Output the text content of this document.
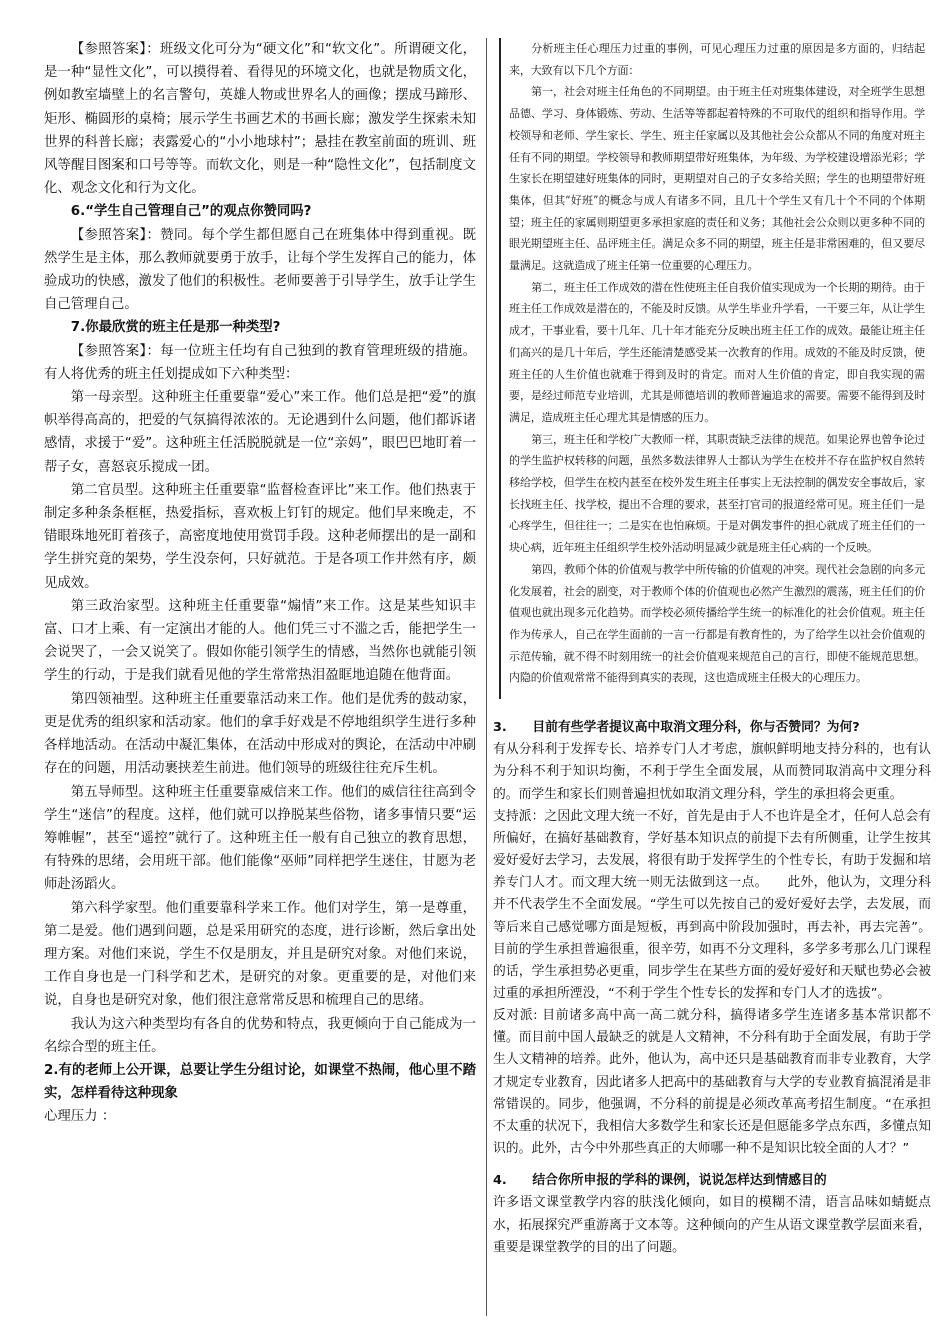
【参照答案】：班级文化可分为“硬文化”和“软文化”。所谓硬文化，是一种“显性文化”，可以摸得着、看得见的环境文化，也就是物质文化，例如教室墙壁上的名言警句，英雄人物或世界名人的画像；摆成马蹄形、矩形、椭圆形的桌椅；展示学生书画艺术的书画长廊；激发学生探索未知世界的科普长廊；表露爱心的“小小地球村”；悬挂在教室前面的班训、班风等醒目图案和口号等等。而软文化，则是一种“隐性文化”，包括制度文化、观念文化和行为文化。

6.“学生自己管理自己”的观点你赞同吗?

【参照答案】：赞同。每个学生都但愿自己在班集体中得到重视。既然学生是主体，那么教师就要勇于放手，让每个学生发挥自己的能力，体验成功的快感，激发了他们的积极性。老师要善于引导学生，放手让学生自己管理自己。

7.你最欣赏的班主任是那一种类型?

【参照答案】：每一位班主任均有自己独到的教育管理班级的措施。有人将优秀的班主任划提成如下六种类型：

第一母亲型。这种班主任重要靠“爱心”来工作。他们总是把“爱”的旗帜举得高高的，把爱的气氛搞得浓浓的。无论遇到什么问题，他们都诉诸感情，求援于“爱”。这种班主任活脱脱就是一位“亲妈”，眼巴巴地盯着一帮子女，喜怒哀乐搅成一团。

第二官员型。这种班主任重要靠“监督检查评比”来工作。他们热衷于制定多种条条框框，热爱指标，喜欢板上钉钉的规定。他们早来晚走，不错眼珠地死盯着孩子，高密度地使用赏罚手段。这种老师摆出的是一副和学生拼究竟的架势，学生没奈何，只好就范。于是各项工作井然有序，颇见成效。

第三政治家型。这种班主任重要靠“煽情”来工作。这是某些知识丰富、口才上乘、有一定演出才能的人。他们凭三寸不滥之舌，能把学生一会说哭了，一会又说笑了。假如你能引领学生的情感，当然你也就能引领学生的行动，于是我们就看见他的学生常常热泪盈眶地追随在他背面。

第四领袖型。这种班主任重要靠活动来工作。他们是优秀的鼓动家，更是优秀的组织家和活动家。他们的拿手好戏是不停地组织学生进行多种各样地活动。在活动中凝汇集体，在活动中形成对的舆论，在活动中冲刷存在的问题，用活动裹挟差生前进。他们领导的班级往往充斥生机。

第五导师型。这种班主任重要靠威信来工作。他们的威信往往高到令学生“迷信”的程度。这样，他们就可以挣脱某些俗物，诸多事情只要“运筹帷幄”，甚至“遥控”就行了。这种班主任一般有自己独立的教育思想，有特殊的思绪，会用班干部。他们能像“巫师”同样把学生迷住，甘愿为老师赴汤蹈火。

第六科学家型。他们重要靠科学来工作。他们对学生，第一是尊重，第二是爱。他们遇到问题，总是采用研究的态度，进行诊断，然后拿出处理方案。对他们来说，学生不仅是朋友，并且是研究对象。对他们来说，工作自身也是一门科学和艺术，是研究的对象。更重要的是，对他们来说，自身也是研究对象，他们很注意常常反思和梳理自己的思绪。

我认为这六种类型均有各自的优势和特点，我更倾向于自己能成为一名综合型的班主任。

2.有的老师上公开课，总要让学生分组讨论，如课堂不热闹，他心里不踏实，怎样看待这种现象

心理压力 ：

分析班主任心理压力过重的事例，可见心理压力过重的原因是多方面的，归结起来，大致有以下几个方面：

第一，社会对班主任角色的不同期望。由于班主任对班集体建设，对全班学生思想品德、学习、身体锻炼、劳动、生活等等都起着特殊的不可取代的组织和指导作用。学校领导和老师、学生家长、学生、班主任家属以及其他社会公众都从不同的角度对班主任有不同的期望。学校领导和教师期望带好班集体，为年级、为学校建设增添光彩；学生家长在期望建好班集体的同时，更期望对自己的子女多给关照；学生的也期望带好班集体，但其“好班”的概念与成人有诸多不同，且几十个学生又有几十个不同的个体期望；班主任的家属则期望更多承担家庭的责任和义务；其他社会公众则以更多种不同的眼光期望班主任、品评班主任。满足众多不同的期望，班主任是非常困难的，但又要尽量满足。这就造成了班主任第一位重要的心理压力。

第二，班主任工作成效的潜在性使班主任自我价值实现成为一个长期的期待。由于班主任工作成效是潜在的，不能及时反馈。从学生毕业升学看，一干要三年，从让学生成才，干事业看，要十几年、几十年才能充分反映出班主任工作的成效。最能让班主任们高兴的是几十年后，学生还能清楚感受某一次教育的作用。成效的不能及时反馈，使班主任的人生价值也就难于得到及时的肯定。而对人生价值的肯定，即自我实现的需要，是经过师范专业培训，尤其是师德培训的教师普遍追求的需要。需要不能得到及时满足，造成班主任心理尤其是情感的压力。

第三，班主任和学校广大教师一样，其职责缺乏法律的规范。如果论界也曾争论过的学生监护权转移的问题，虽然多数法律界人士都认为学生在校并不存在监护权自然转移给学校，但学生在校内甚至在校外发生班主任事实上无法控制的偶发安全事故后，家长找班主任、找学校，提出不合理的要求，甚至打官司的报道经常可见。班主任们一是心疼学生，但往往一；二是实在也怕麻烦。于是对偶发事件的担心就成了班主任们的一块心病，近年班主任组织学生校外活动明显减少就是班主任心病的一个反映。

第四，教师个体的价值观与教学中所传输的价值观的冲突。现代社会急剧的向多元化发展着，社会的剧变，对于教师个体的价值观也必然产生激烈的震荡，班主任们的价值观也就出现多元化趋势。而学校必须传播给学生统一的标准化的社会价值观。班主任作为传承人，自己在学生面前的一言一行都是有教育性的，为了给学生以社会价值观的示范传输，就不得不时刻用统一的社会价值观来规范自己的言行，即使不能规范思想。内隐的价值观常常不能得到真实的表现，这也造成班主任极大的心理压力。

3.　　目前有些学者提议高中取消文理分科，你与否赞同？为何?

有从分科利于发挥专长、培养专门人才考虑，旗帜鲜明地支持分科的，也有认为分科不利于知识均衡，不利于学生全面发展，从而赞同取消高中文理分科的。而学生和家长们则普遍担忧如取消文理分科，学生的承担将会更重。

支持派：之因此文理大统一不好，首先是由于人不也许是全才，任何人总会有所偏好，在搞好基础教育，学好基本知识点的前提下去有所侧重，让学生按其爱好爱好去学习，去发展，将很有助于发挥学生的个性专长，有助于发掘和培养专门人才。而文理大统一则无法做到这一点。　　此外，他认为，文理分科并不代表学生不全面发展。“学生可以先按自己的爱好爱好去学，去发展，而等后来自己感觉哪方面是短板，再到高中阶段加强时，再去补，再去完善”。目前的学生承担普遍很重，很辛劳，如再不分文理科，多学多考那么几门课程的话，学生承担势必更重，同步学生在某些方面的爱好爱好和天赋也势必会被过重的承担所湮没，“不利于学生个性专长的发挥和专门人才的选拔”。

反对派: 目前诸多高中高一高二就分科，搞得诸多学生连诸多基本常识都不懂。而目前中国人最缺乏的就是人文精神，不分科有助于全面发展，有助于学生人文精神的培养。此外，他认为，高中还只是基础教育而非专业教育，大学才规定专业教育，因此诸多人把高中的基础教育与大学的专业教育搞混淆是非常错误的。同步，他强调，不分科的前提是必须改革高考招生制度。“在承担不太重的状况下，我相信大多数学生和家长还是但愿能多学点东西，多懂点知识的。此外，古今中外那些真正的大师哪一种不是知识比较全面的人才？”

4.　　结合你所申报的学科的课例，说说怎样达到情感目的

许多语文课堂教学内容的肤浅化倾向，如目的模糊不清，语言品味如蜻蜓点水，拓展探究严重游离于文本等。这种倾向的产生从语文课堂教学层面来看，重要是课堂教学的目的出了问题。
